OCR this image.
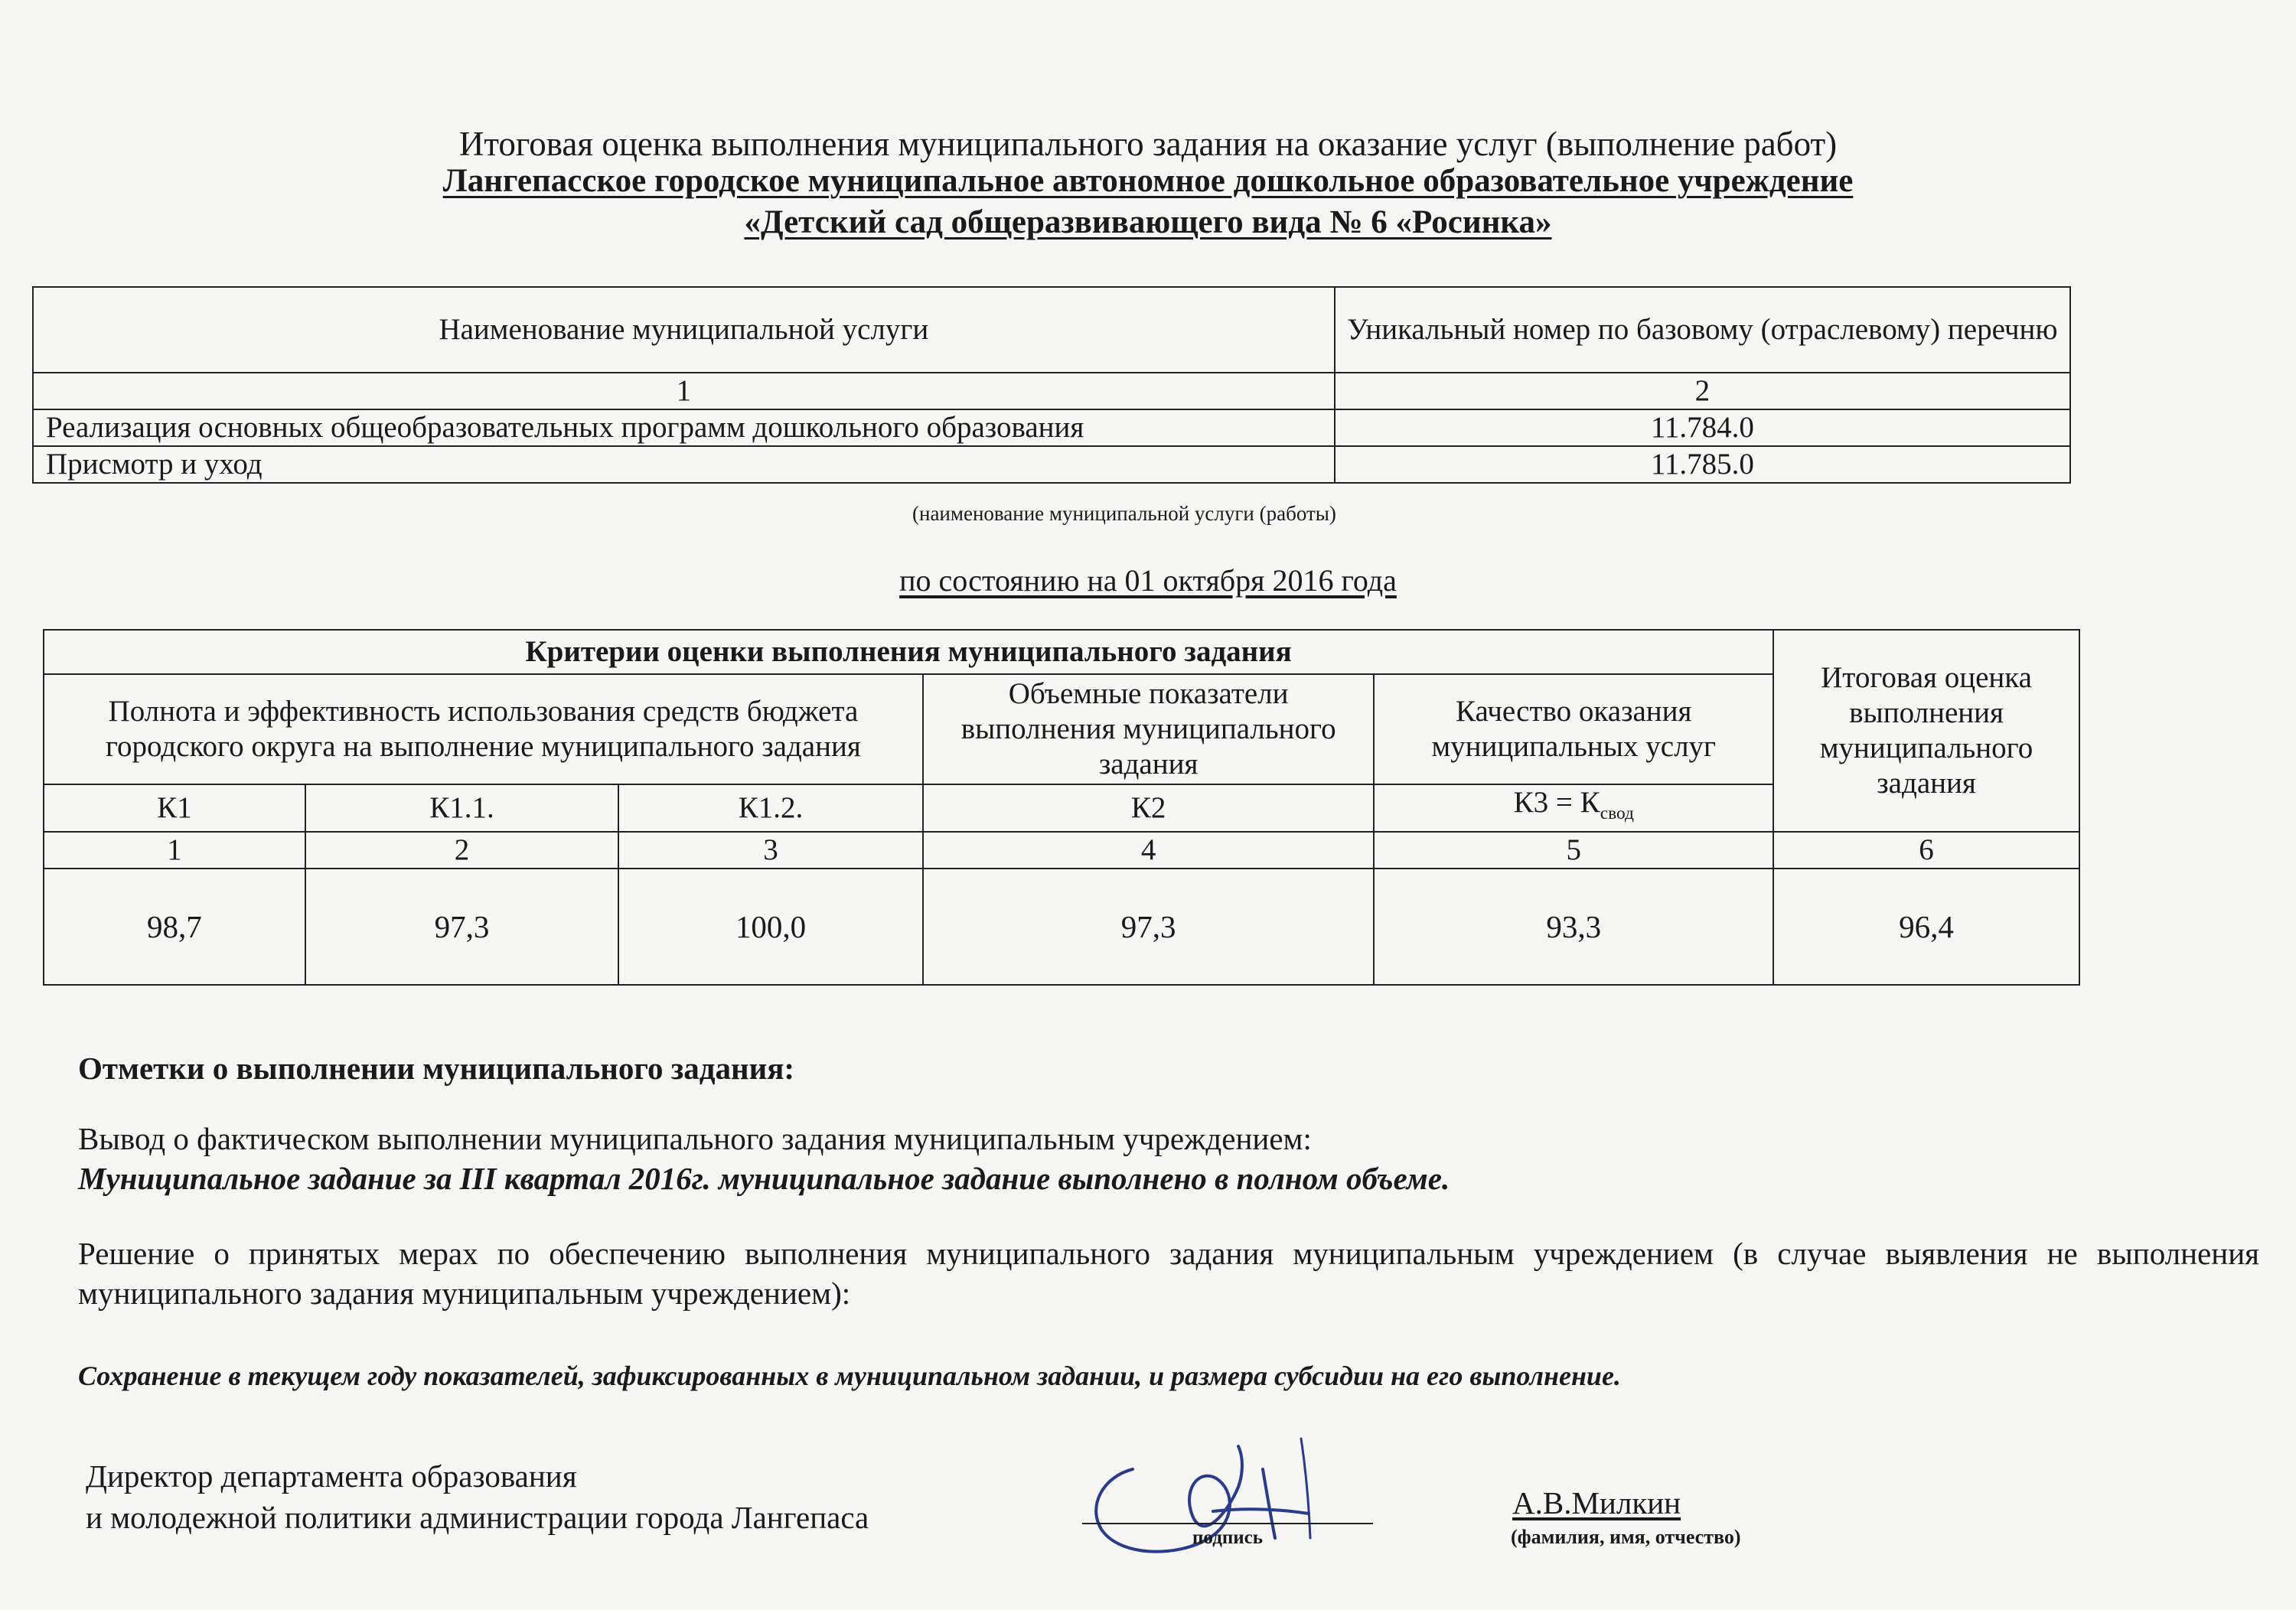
Итоговая оценка выполнения муниципального задания на оказание услуг (выполнение работ)
Лангепасское городское муниципальное автономное дошкольное образовательное учреждение
«Детский сад общеразвивающего вида № 6 «Росинка»
Наименование муниципальной услуги	Уникальный номер по базовому (отраслевому) перечню
1	2
Реализация основных общеобразовательных программ дошкольного образования	11.784.0
Присмотр и уход	11.785.0
(наименование муниципальной услуги (работы)
по состоянию на 01 октября 2016 года
Критерии оценки выполнения муниципального задания					Итоговая оценка выполнения муниципального задания
Полнота и эффективность использования средств бюджета городского округа на выполнение муниципального задания			Объемные показатели выполнения муниципального задания	Качество оказания муниципальных услуг	
К1	К1.1.	К1.2.	К2	$К3 = К_{свод}$
1	2	3	4	5	6
98,7	97,3	100,0	97,3	93,3	96,4
Отметки о выполнении муниципального задания:
Вывод о фактическом выполнении муниципального задания муниципальным учреждением:
Муниципальное задание за III квартал 2016г. муниципальное задание выполнено в полном объеме.
Решение о принятых мерах по обеспечению выполнения муниципального задания муниципальным учреждением (в случае выявления не выполнения муниципального задания муниципальным учреждением):
Сохранение в текущем году показателей, зафиксированных в муниципальном задании, и размера субсидии на его выполнение.
Директор департамента образования
и молодежной политики администрации города Лангепаса
подпись
А.В.Милкин
(фамилия, имя, отчество)
